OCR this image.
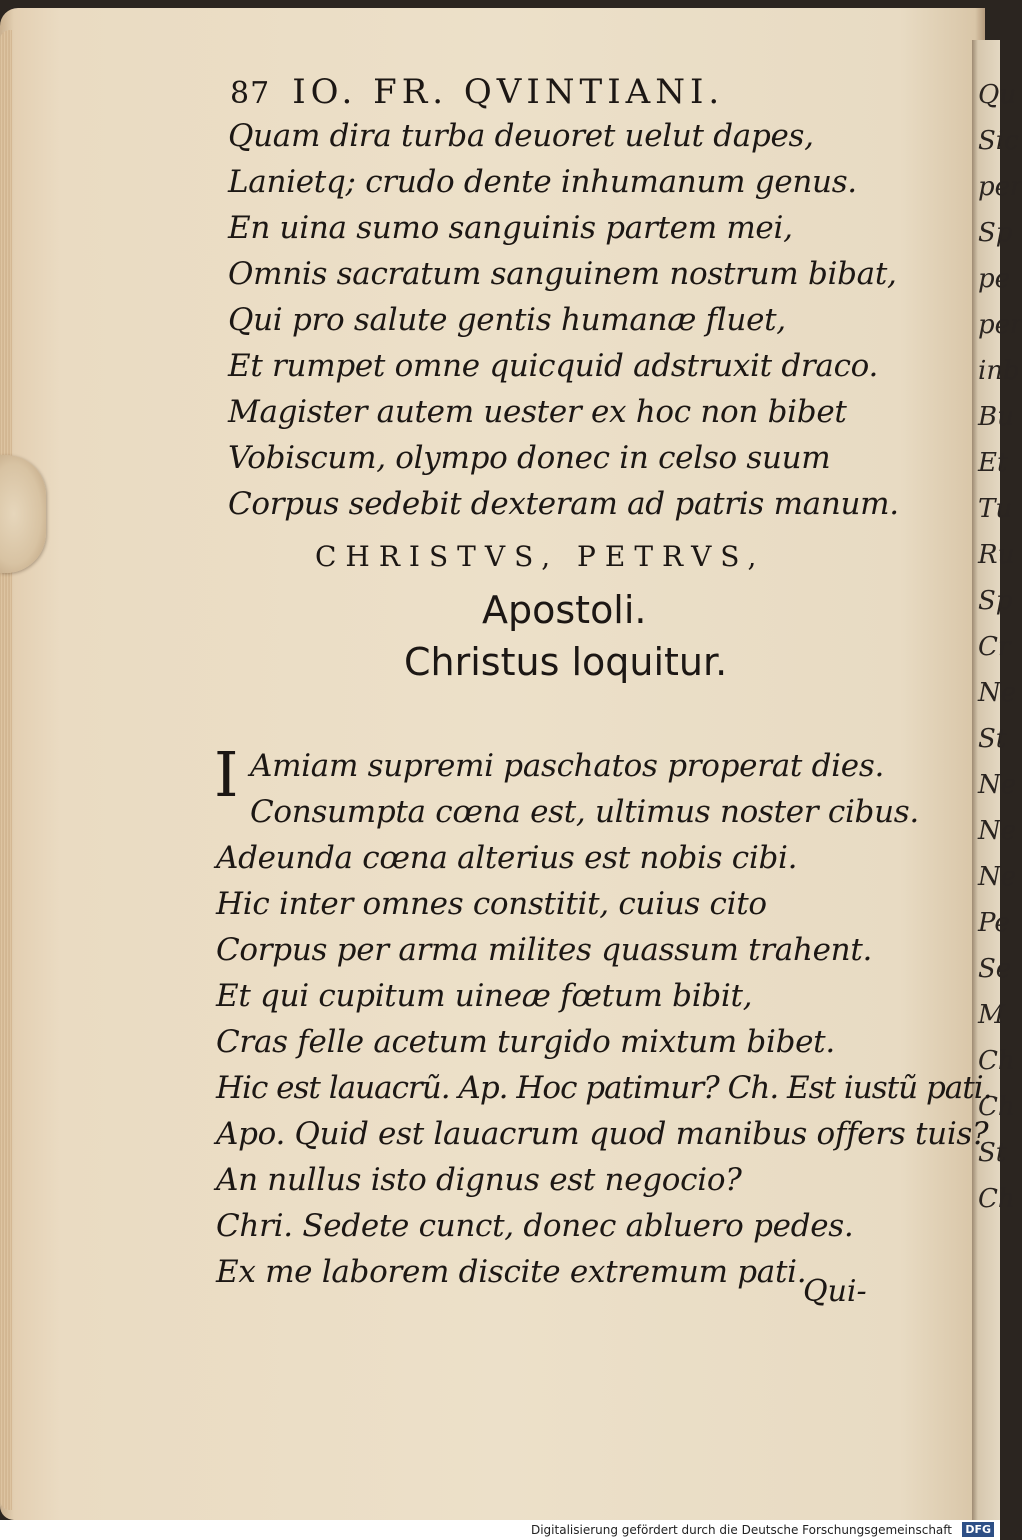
Qu
Sic
per
Sp
pe
per
inb
Bu
Et
Tu
Ru
Sp
Cr
Ne
St
Ne
Ne
Ne
Pe
Se
M
Ch
Ch
St
Ch
87 IO. FR. QVINTIANI.
Quam dira turba deuoret uelut dapes,
Lanietq; crudo dente inhumanum genus.
En uina sumo sanguinis partem mei,
Omnis sacratum sanguinem nostrum bibat,
Qui pro salute gentis humanæ fluet,
Et rumpet omne quicquid adstruxit draco.
Magister autem uester ex hoc non bibet
Vobiscum, olympo donec in celso suum
Corpus sedebit dexteram ad patris manum.
CHRISTVS, PETRVS,
Apostoli.
Christus loquitur.
I Amiam supremi paschatos properat dies.
Consumpta cœna est, ultimus noster cibus.
Adeunda cœna alterius est nobis cibi.
Hic inter omnes constitit, cuius cito
Corpus per arma milites quassum trahent.
Et qui cupitum uineæ fœtum bibit,
Cras felle acetum turgido mixtum bibet.
Hic est lauacrũ. Ap. Hoc patimur? Ch. Est iustũ pati.
Apo. Quid est lauacrum quod manibus offers tuis?
An nullus isto dignus est negocio?
Chri. Sedete cunct, donec abluero pedes.
Ex me laborem discite extremum pati.
Qui-
Digitalisierung gefördert durch die Deutsche Forschungsgemeinschaft DFG
